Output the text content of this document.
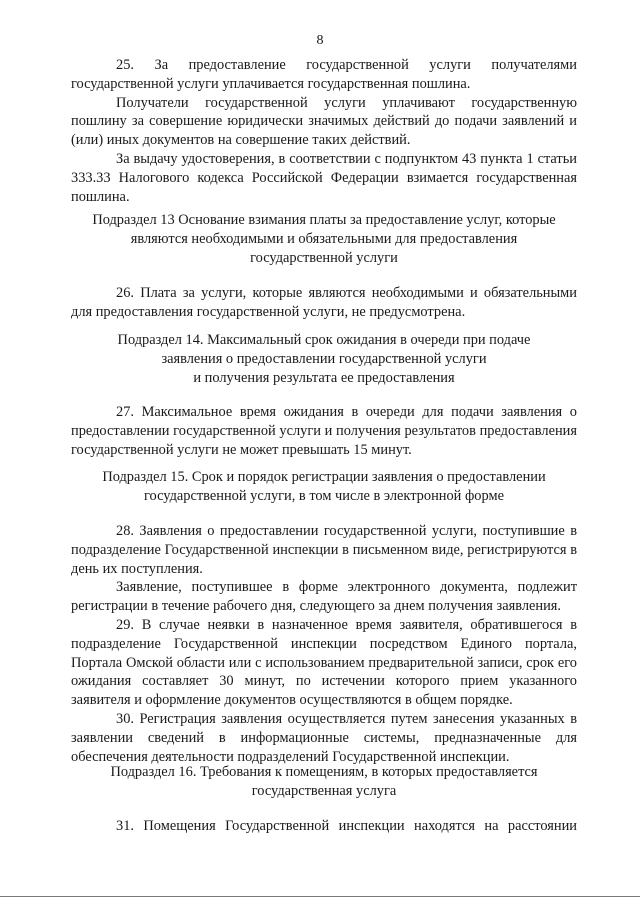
8

25. За предоставление государственной услуги получателями государственной услуги уплачивается государственная пошлина.

Получатели государственной услуги уплачивают государственную пошлину за совершение юридически значимых действий до подачи заявлений и (или) иных документов на совершение таких действий.

За выдачу удостоверения, в соответствии с подпунктом 43 пункта 1 статьи 333.33 Налогового кодекса Российской Федерации взимается государственная пошлина.

Подраздел 13 Основание взимания платы за предоставление услуг, которые
являются необходимыми и обязательными для предоставления
государственной услуги

26. Плата за услуги, которые являются необходимыми и обязательными для предоставления государственной услуги, не предусмотрена.

Подраздел 14. Максимальный срок ожидания в очереди при подаче
заявления о предоставлении государственной услуги
и получения результата ее предоставления

27. Максимальное время ожидания в очереди для подачи заявления о предоставлении государственной услуги и получения результатов предоставления государственной услуги не может превышать 15 минут.

Подраздел 15. Срок и порядок регистрации заявления о предоставлении
государственной услуги, в том числе в электронной форме

28. Заявления о предоставлении государственной услуги, поступившие в подразделение Государственной инспекции в письменном виде, регистрируются в день их поступления.

Заявление, поступившее в форме электронного документа, подлежит регистрации в течение рабочего дня, следующего за днем получения заявления.

29. В случае неявки в назначенное время заявителя, обратившегося в подразделение Государственной инспекции посредством Единого портала, Портала Омской области или с использованием предварительной записи, срок его ожидания составляет 30 минут, по истечении которого прием указанного заявителя и оформление документов осуществляются в общем порядке.

30. Регистрация заявления осуществляется путем занесения указанных в заявлении сведений в информационные системы, предназначенные для обеспечения деятельности подразделений Государственной инспекции.

Подраздел 16. Требования к помещениям, в которых предоставляется
государственная услуга

31. Помещения Государственной инспекции находятся на расстоянии
